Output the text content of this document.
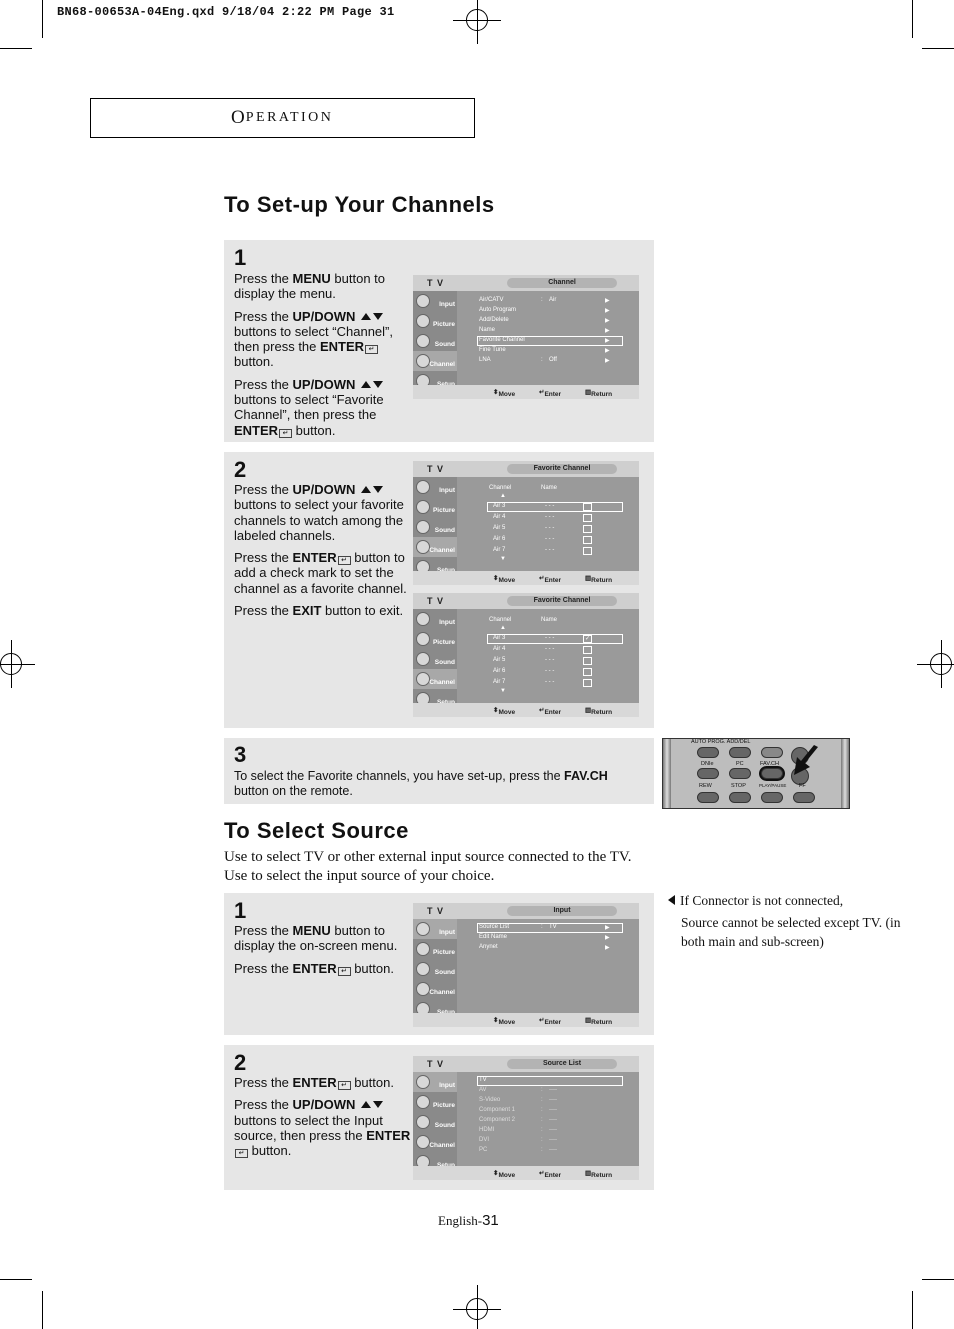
BN68-00653A-04Eng.qxd 9/18/04 2:22 PM Page 31
O PERATION
To Set-up Your Channels
1

Press the MENU button to display the menu.

Press the UP/DOWN  buttons to select “Channel”, then press the ENTER ↵ button.

Press the UP/DOWN  buttons to select “Favorite Channel”, then press the ENTER ↵ button.

T V	Channel
Input
Picture
Sound
Channel
Air/CATV	: Air	▶
Auto Program	▶
Add/Delete	▶
Name	▶
Favorite Channel	▶
Fine Tune	▶
LNA	: Off	▶
⬍ Move	↵ Enter	▥ Return
2

Press the UP/DOWN  buttons to select your favorite channels to watch among the labeled channels.

Press the ENTER ↵ button to add a check mark to set the channel as a favorite channel.

Press the EXIT button to exit.

T V	Favorite Channel
Input
Picture
Sound
Channel
Channel	Name
▲
Air 3	- - -
Air 4	- - -
Air 5	- - -
Air 6	- - -
Air 7	- - -
▼
⬍ Move	↵ Enter	▥ Return
T V	Favorite Channel
Input
Picture
Sound
Channel
Channel	Name
▲
Air 3	- - -	✓
Air 4	- - -
Air 5	- - -
Air 6	- - -
Air 7	- - -
▼
⬍ Move	↵ Enter	▥ Return
3

To select the Favorite channels, you have set-up, press the FAV.CH button on the remote.

AUTO PROG. ADD/DEL
DNIe	PC	FAV.CH
REW	STOP	PLAY/PAUSE FF
To Select Source
Use to select TV or other external input source connected to the TV.
Use to select the input source of your choice.
If Connector is not connected,
Source cannot be selected except TV. (in both main and sub-screen)
1

Press the MENU button to display the on-screen menu.

Press the ENTER ↵ button.

T V	Input
Input
Picture
Sound
Channel
Source List	: TV	▶
Edit Name	▶
Anynet	▶
⬍ Move	↵ Enter	▥ Return
2

Press the ENTER ↵ button.

Press the UP/DOWN  buttons to select the Input source, then press the ENTER↵ button.

T V	Source List
Input
Picture
Sound
Channel
TV
AV	: ----
S-Video	: ----
Component 1	: ----
Component 2	: ----
HDMI	: ----
DVI	: ----
PC	: ----
⬍ Move	↵ Enter	▥ Return
English-31
